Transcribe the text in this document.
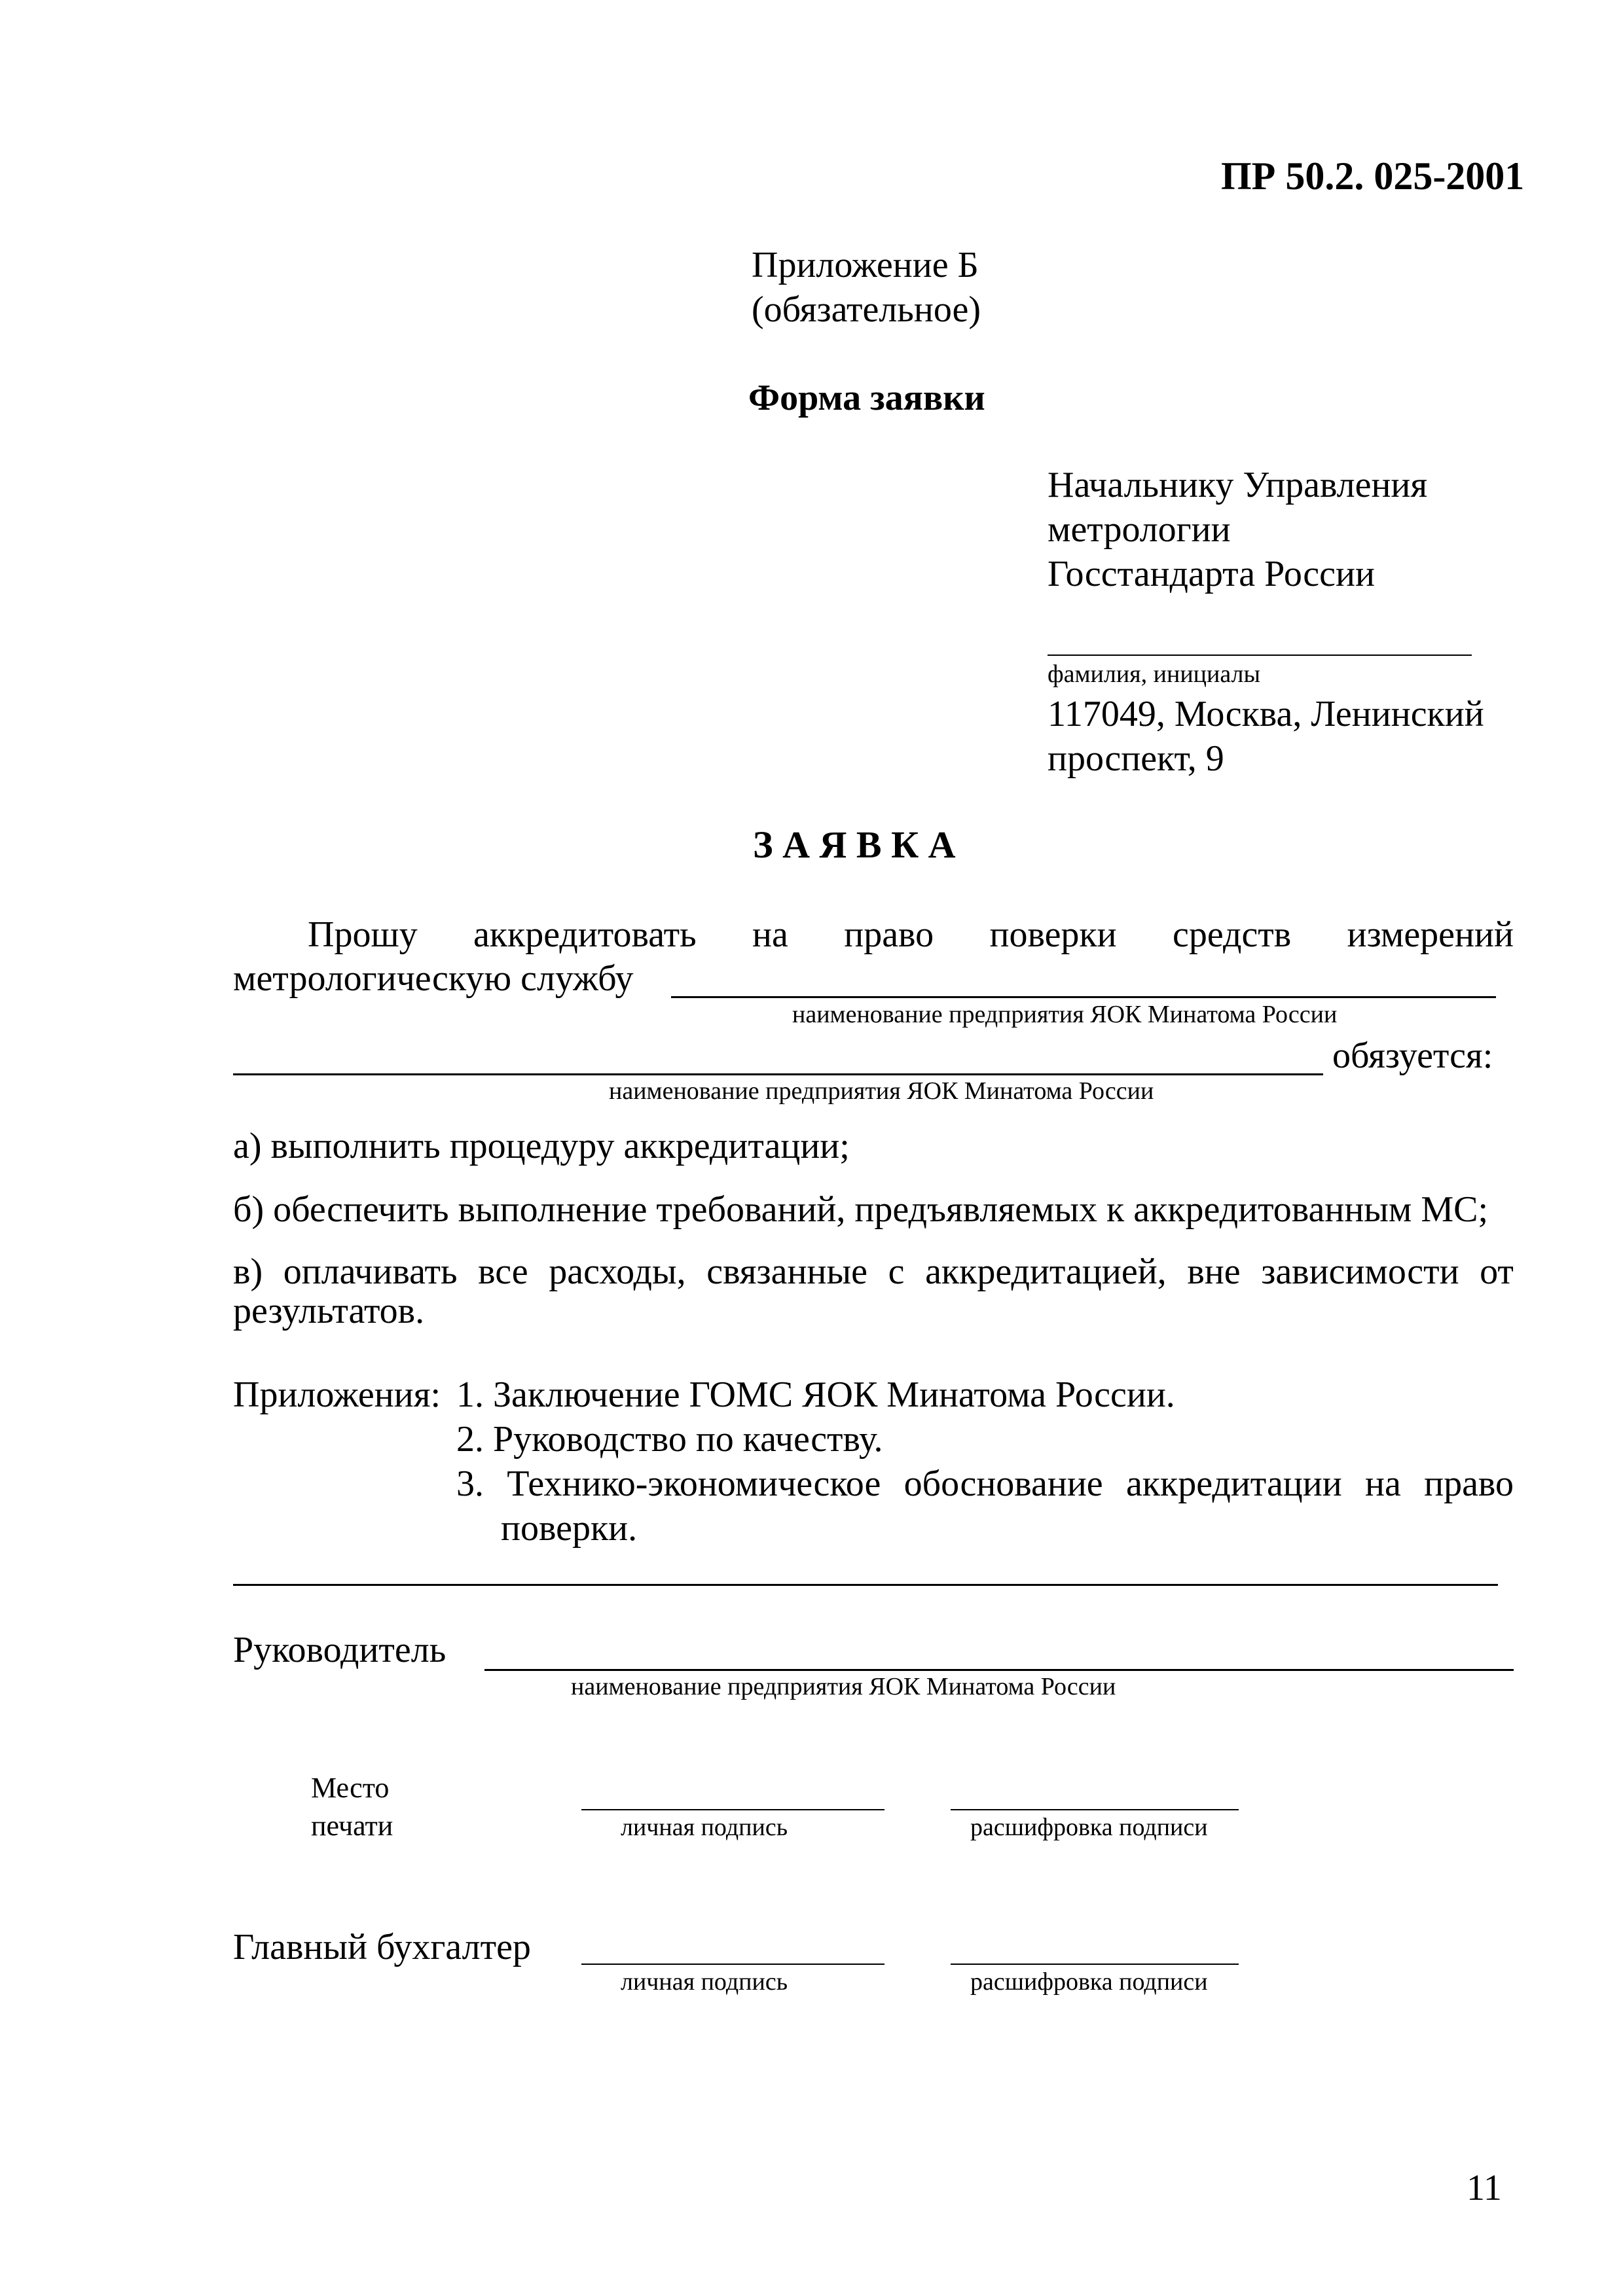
ПР 50.2. 025-2001
Приложение Б
(обязательное)
Форма заявки
Начальнику Управления
метрологии
Госстандарта России
фамилия, инициалы
117049, Москва, Ленинский
проспект, 9
З А Я В К А
Прошу аккредитовать на право поверки средств измерений
метрологическую службу
наименование предприятия ЯОК Минатома России
обязуется:
наименование предприятия ЯОК Минатома России
а) выполнить процедуру аккредитации;
б) обеспечить выполнение требований, предъявляемых к аккредитованным МС;
в) оплачивать все расходы, связанные с аккредитацией, вне зависимости от
результатов.
Приложения: 1. Заключение ГОМС ЯОК Минатома России.
2. Руководство по качеству.
3. Технико-экономическое обоснование аккредитации на право
поверки.
Руководитель
наименование предприятия ЯОК Минатома России
Место
печати	личная подпись	расшифровка подписи
Главный бухгалтер
личная подпись	расшифровка подписи
11
